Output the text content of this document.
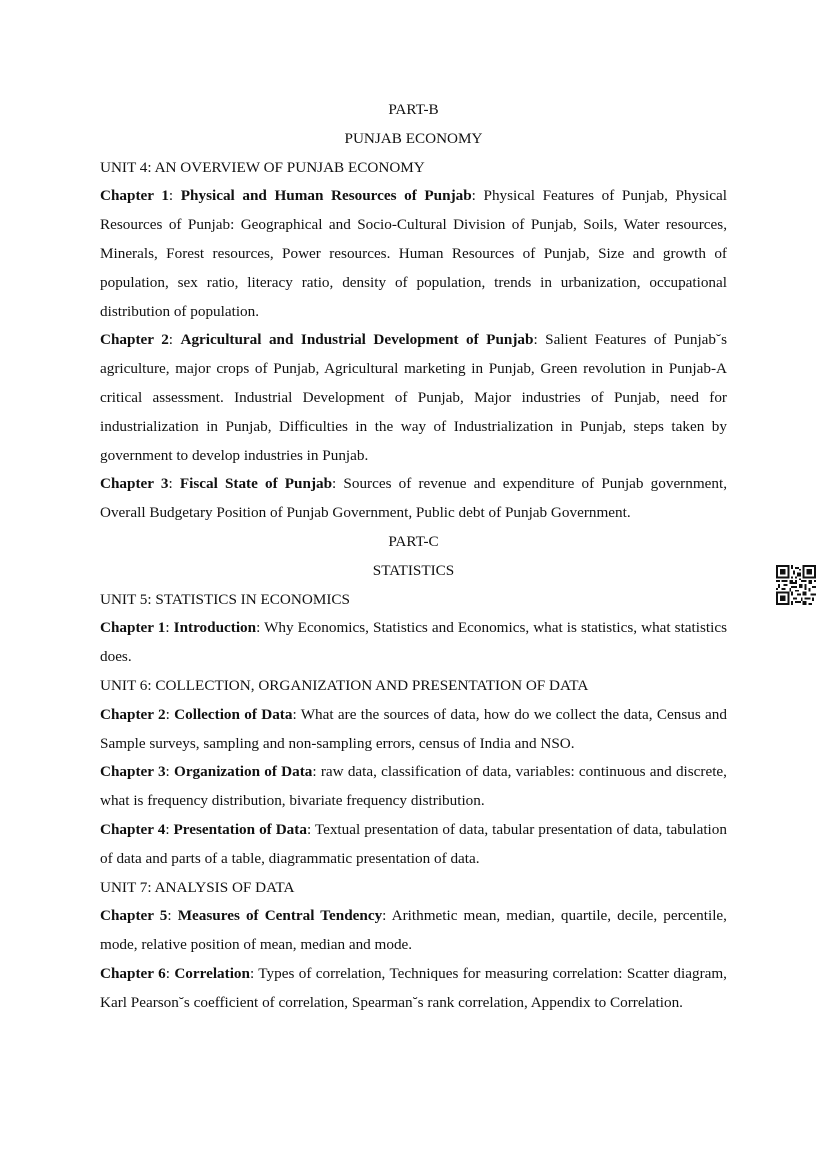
PART-B

PUNJAB ECONOMY

UNIT 4: AN OVERVIEW OF PUNJAB ECONOMY

Chapter 1: Physical and Human Resources of Punjab: Physical Features of Punjab, Physical Resources of Punjab: Geographical and Socio-Cultural Division of Punjab, Soils, Water resources, Minerals, Forest resources, Power resources. Human Resources of Punjab, Size and growth of population, sex ratio, literacy ratio, density of population, trends in urbanization, occupational distribution of population.

Chapter 2: Agricultural and Industrial Development of Punjab: Salient Features of Punjab˘s agriculture, major crops of Punjab, Agricultural marketing in Punjab, Green revolution in Punjab-A critical assessment. Industrial Development of Punjab, Major industries of Punjab, need for industrialization in Punjab, Difficulties in the way of Industrialization in Punjab, steps taken by government to develop industries in Punjab.

Chapter 3: Fiscal State of Punjab: Sources of revenue and expenditure of Punjab government, Overall Budgetary Position of Punjab Government, Public debt of Punjab Government.

PART-C

STATISTICS

UNIT 5: STATISTICS IN ECONOMICS

Chapter 1: Introduction: Why Economics, Statistics and Economics, what is statistics, what statistics does.

UNIT 6: COLLECTION, ORGANIZATION AND PRESENTATION OF DATA

Chapter 2: Collection of Data: What are the sources of data, how do we collect the data, Census and Sample surveys, sampling and non-sampling errors, census of India and NSO.

Chapter 3: Organization of Data: raw data, classification of data, variables: continuous and discrete, what is frequency distribution, bivariate frequency distribution.

Chapter 4: Presentation of Data: Textual presentation of data, tabular presentation of data, tabulation of data and parts of a table, diagrammatic presentation of data.

UNIT 7: ANALYSIS OF DATA

Chapter 5: Measures of Central Tendency: Arithmetic mean, median, quartile, decile, percentile, mode, relative position of mean, median and mode.

Chapter 6: Correlation: Types of correlation, Techniques for measuring correlation: Scatter diagram, Karl Pearson˘s coefficient of correlation, Spearman˘s rank correlation, Appendix to Correlation.
